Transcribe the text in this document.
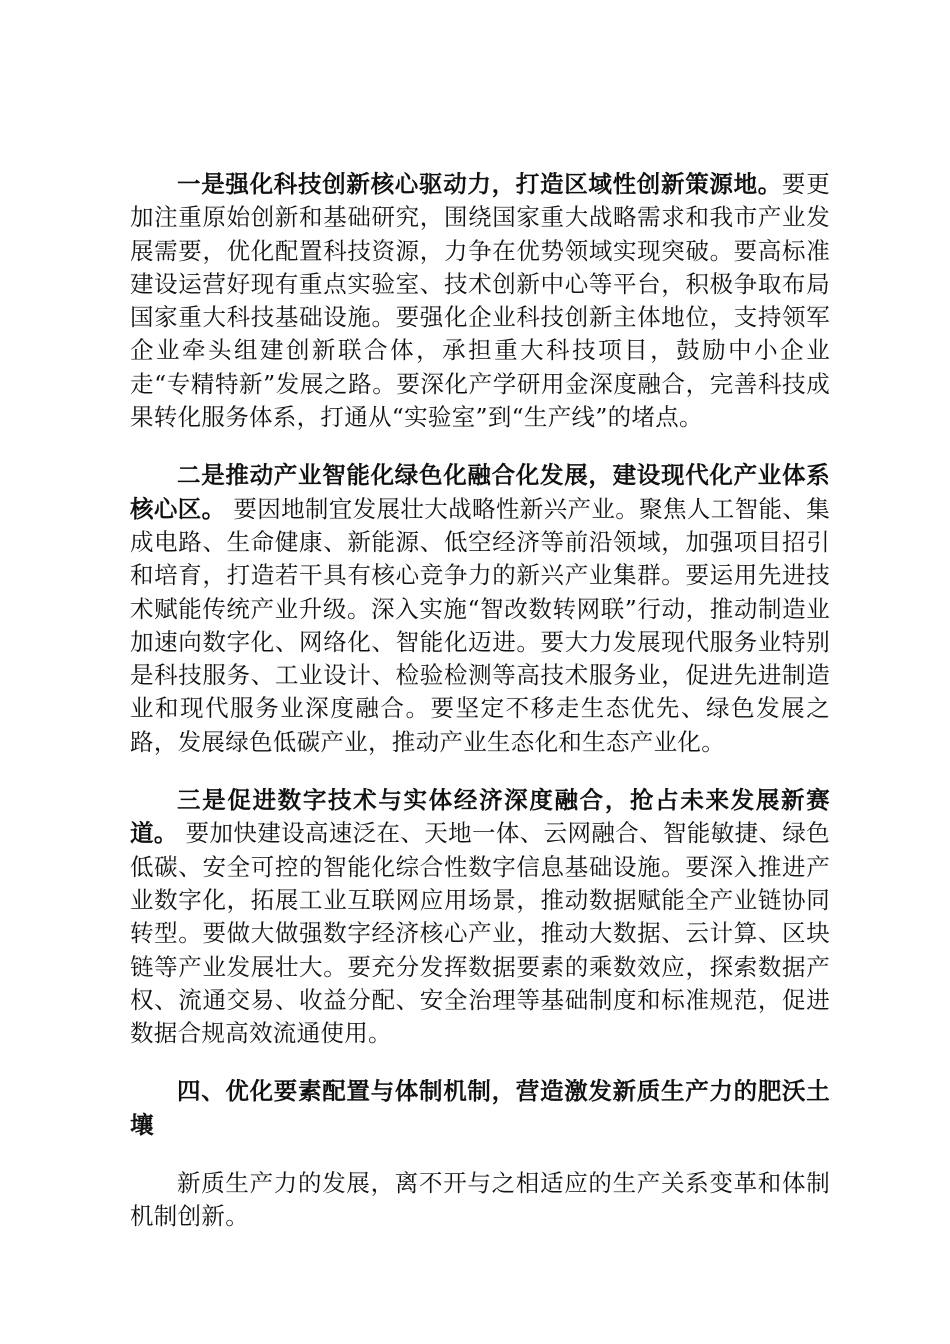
一是强化科技创新核心驱动力，打造区域性创新策源地。要更加注重原始创新和基础研究，围绕国家重大战略需求和我市产业发展需要，优化配置科技资源，力争在优势领域实现突破。要高标准建设运营好现有重点实验室、技术创新中心等平台，积极争取布局国家重大科技基础设施。要强化企业科技创新主体地位，支持领军企业牵头组建创新联合体，承担重大科技项目，鼓励中小企业走“专精特新”发展之路。要深化产学研用金深度融合，完善科技成果转化服务体系，打通从“实验室”到“生产线”的堵点。

二是推动产业智能化绿色化融合化发展，建设现代化产业体系核心区。 要因地制宜发展壮大战略性新兴产业。聚焦人工智能、集成电路、生命健康、新能源、低空经济等前沿领域，加强项目招引和培育，打造若干具有核心竞争力的新兴产业集群。要运用先进技术赋能传统产业升级。深入实施“智改数转网联”行动，推动制造业加速向数字化、网络化、智能化迈进。要大力发展现代服务业特别是科技服务、工业设计、检验检测等高技术服务业，促进先进制造业和现代服务业深度融合。要坚定不移走生态优先、绿色发展之路，发展绿色低碳产业，推动产业生态化和生态产业化。

三是促进数字技术与实体经济深度融合，抢占未来发展新赛道。 要加快建设高速泛在、天地一体、云网融合、智能敏捷、绿色低碳、安全可控的智能化综合性数字信息基础设施。要深入推进产业数字化，拓展工业互联网应用场景，推动数据赋能全产业链协同转型。要做大做强数字经济核心产业，推动大数据、云计算、区块链等产业发展壮大。要充分发挥数据要素的乘数效应，探索数据产权、流通交易、收益分配、安全治理等基础制度和标准规范，促进数据合规高效流通使用。

四、优化要素配置与体制机制，营造激发新质生产力的肥沃土壤

新质生产力的发展，离不开与之相适应的生产关系变革和体制机制创新。
